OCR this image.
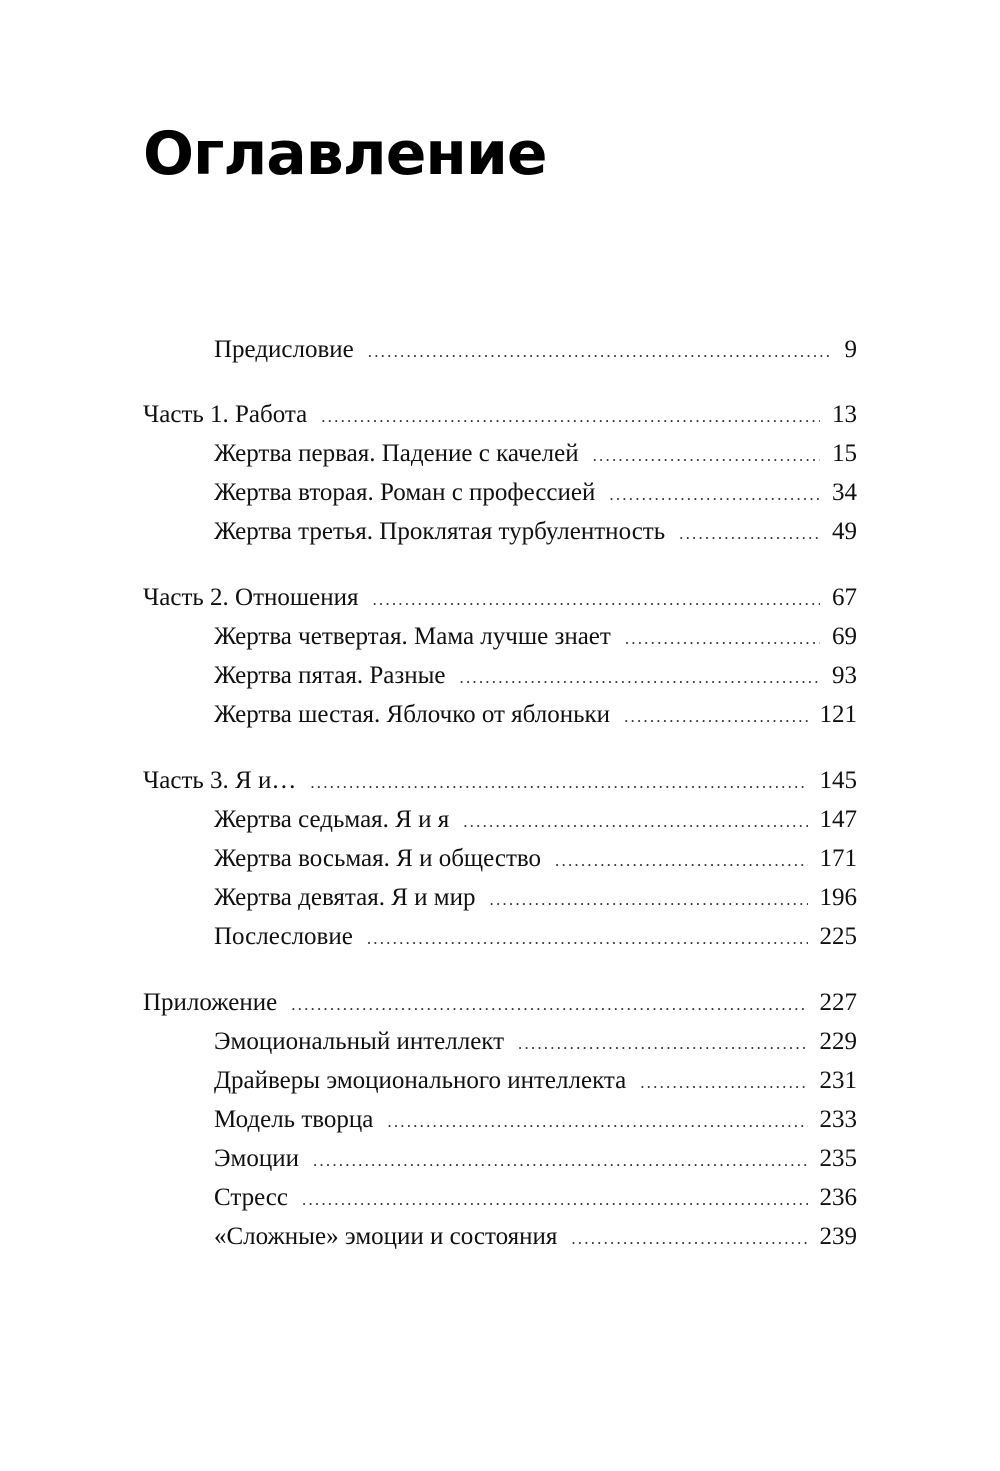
Оглавление
Предисловие .....	9
Часть 1. Работа .....	13
Жертва первая. Падение с качелей .....	15
Жертва вторая. Роман с профессией .....	34
Жертва третья. Проклятая турбулентность .....	49
Часть 2. Отношения .....	67
Жертва четвертая. Мама лучше знает .....	69
Жертва пятая. Разные .....	93
Жертва шестая. Яблочко от яблоньки .....	121
Часть 3. Я и… .....	145
Жертва седьмая. Я и я .....	147
Жертва восьмая. Я и общество .....	171
Жертва девятая. Я и мир .....	196
Послесловие .....	225
Приложение .....	227
Эмоциональный интеллект .....	229
Драйверы эмоционального интеллекта .....	231
Модель творца .....	233
Эмоции .....	235
Стресс .....	236
«Сложные» эмоции и состояния .....	239
